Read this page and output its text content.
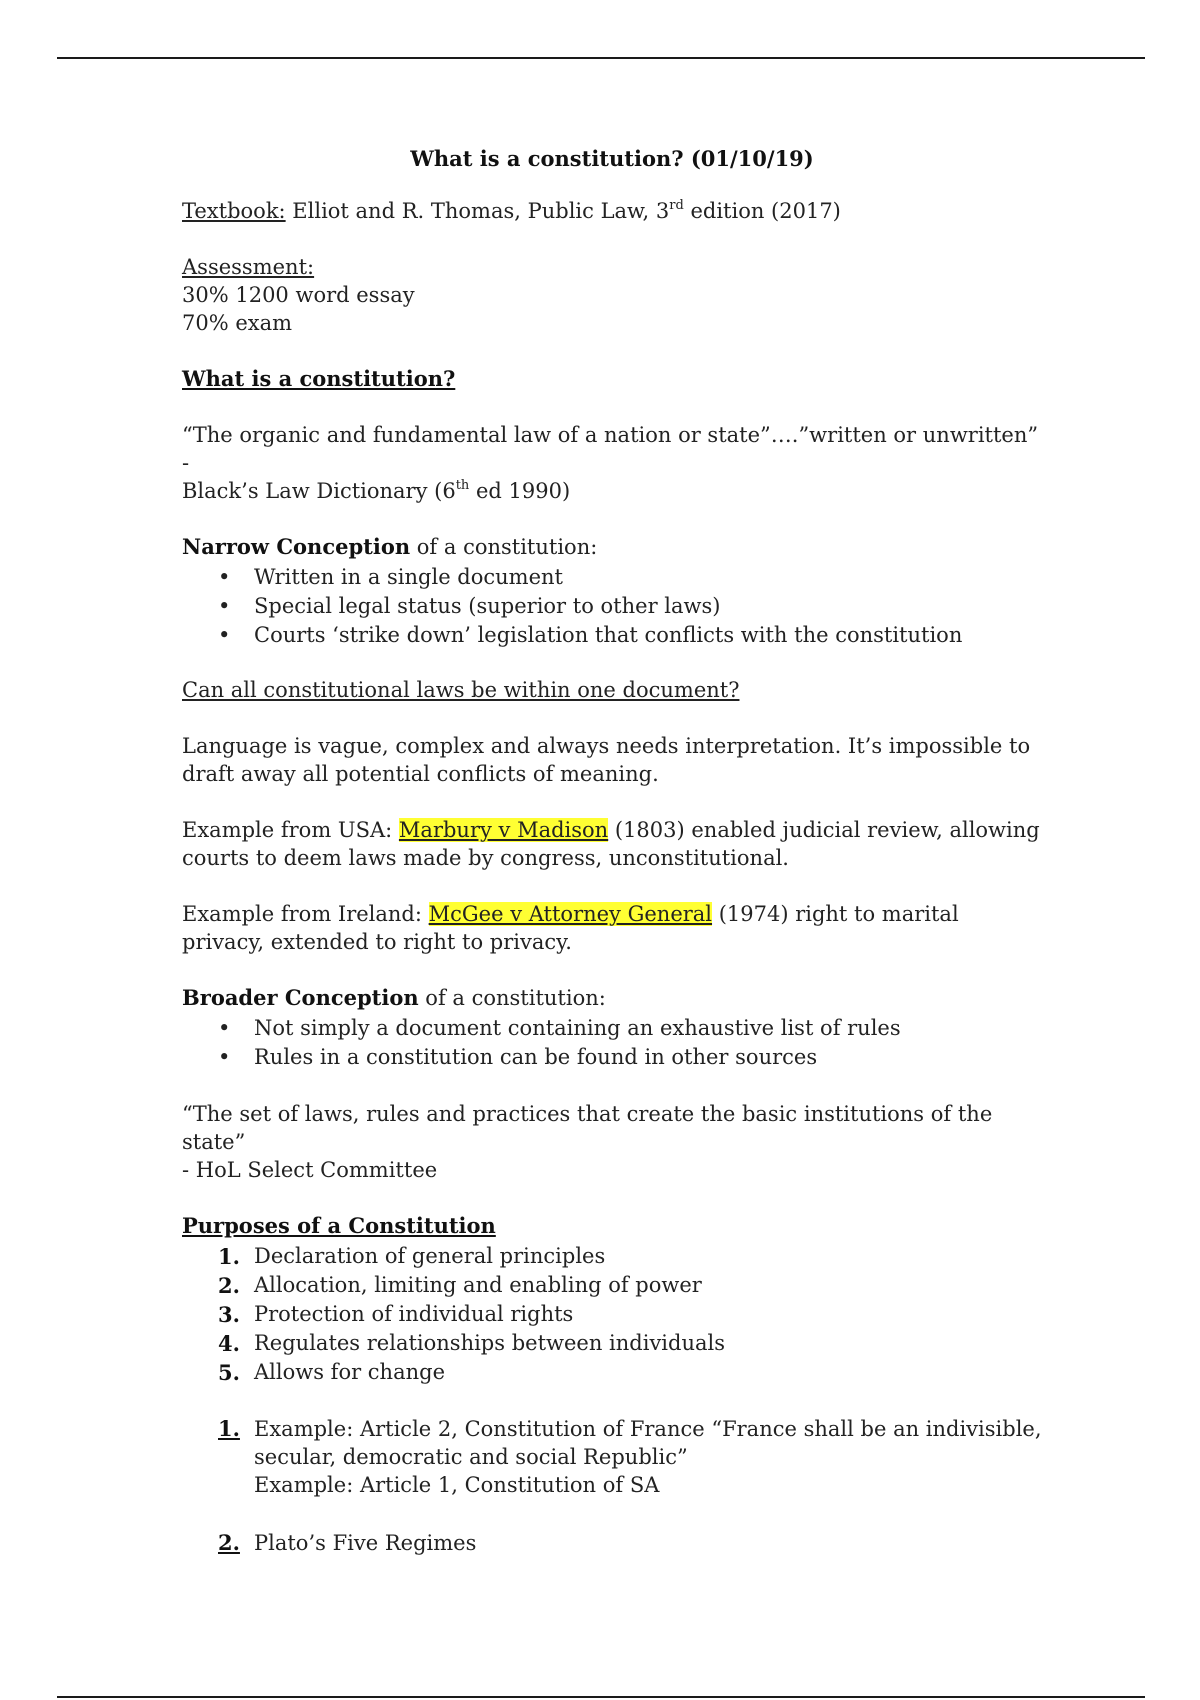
What is a constitution? (01/10/19)

Textbook: Elliot and R. Thomas, Public Law, 3rd edition (2017)

Assessment:

30% 1200 word essay

70% exam

What is a constitution?

“The organic and fundamental law of a nation or state”….”written or unwritten” -

Black’s Law Dictionary (6th ed 1990)

Narrow Conception of a constitution:

• Written in a single document
• Special legal status (superior to other laws)
• Courts ‘strike down’ legislation that conflicts with the constitution

Can all constitutional laws be within one document?

Language is vague, complex and always needs interpretation. It’s impossible to draft away all potential conflicts of meaning.

Example from USA: Marbury v Madison (1803) enabled judicial review, allowing courts to deem laws made by congress, unconstitutional.

Example from Ireland: McGee v Attorney General (1974) right to marital privacy, extended to right to privacy.

Broader Conception of a constitution:

• Not simply a document containing an exhaustive list of rules
• Rules in a constitution can be found in other sources

“The set of laws, rules and practices that create the basic institutions of the state”

- HoL Select Committee

Purposes of a Constitution

1. Declaration of general principles
2. Allocation, limiting and enabling of power
3. Protection of individual rights
4. Regulates relationships between individuals
5. Allows for change
1. Example: Article 2, Constitution of France “France shall be an indivisible, secular, democratic and social Republic”

Example: Article 1, Constitution of SA

2. Plato’s Five Regimes
